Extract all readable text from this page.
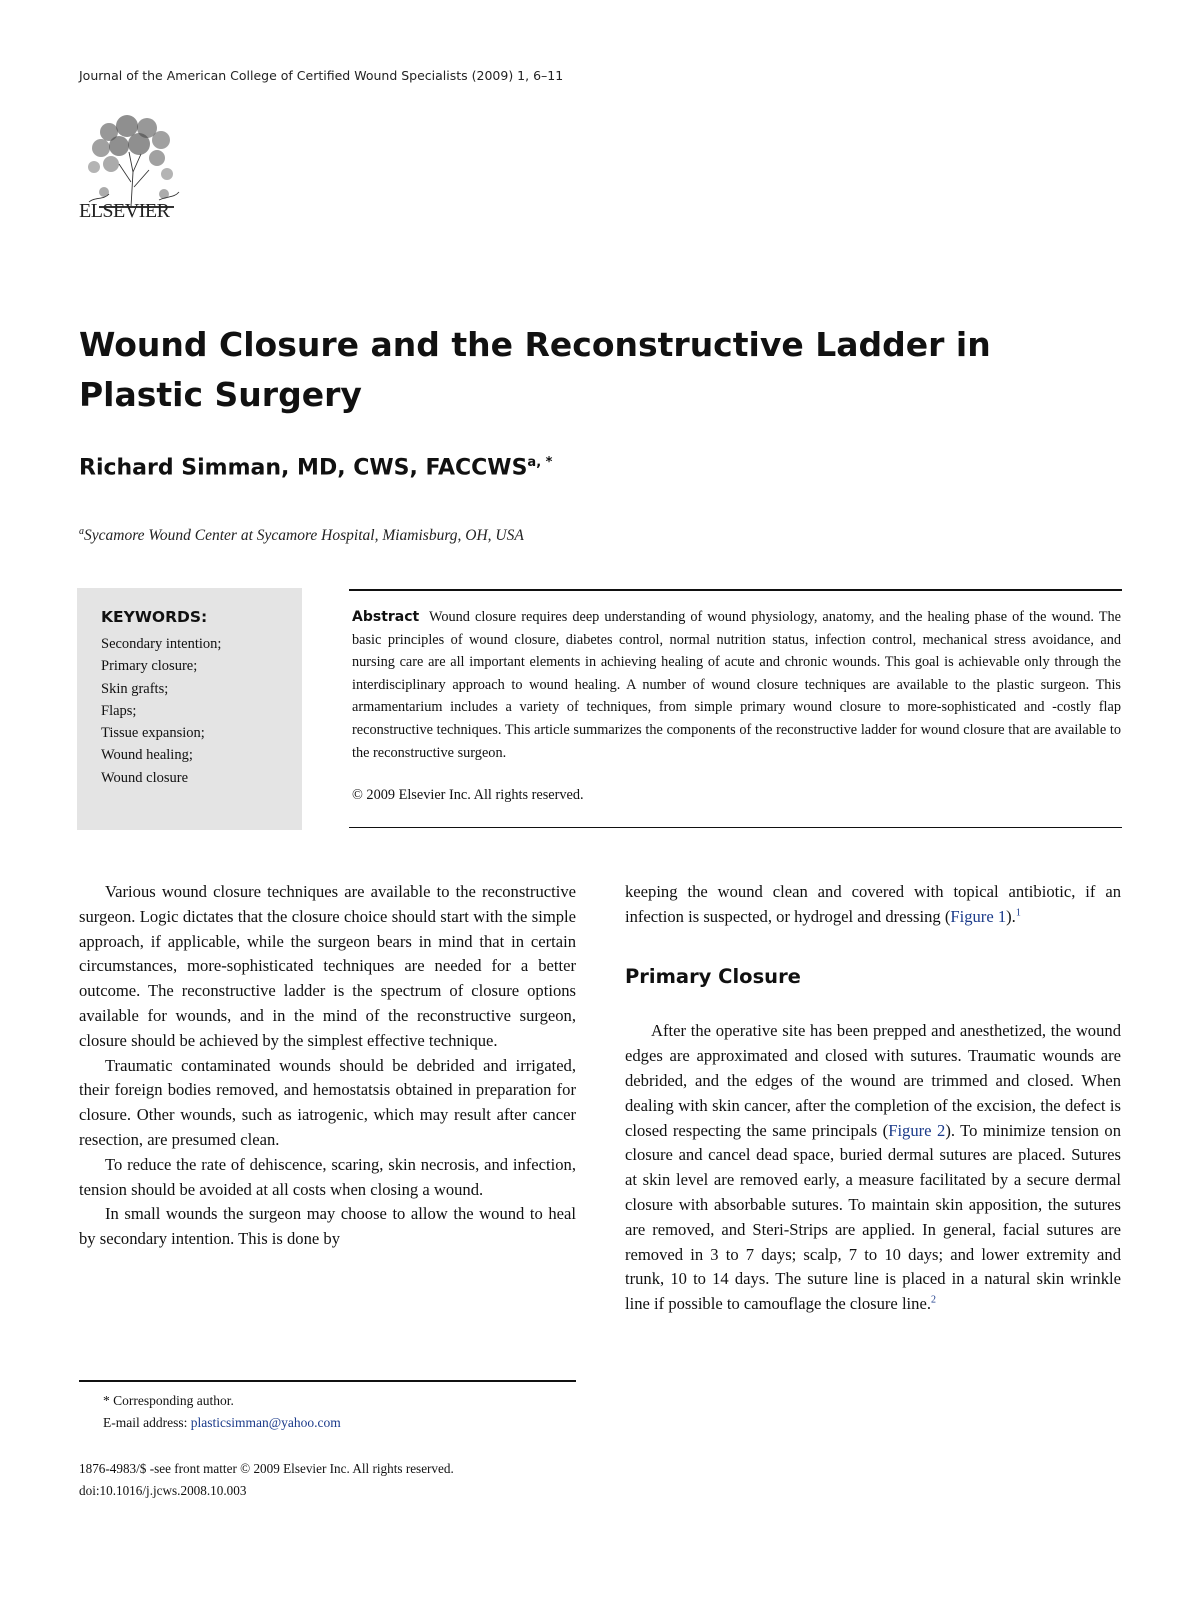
Journal of the American College of Certified Wound Specialists (2009) 1, 6–11
ELSEVIER
Wound Closure and the Reconstructive Ladder in Plastic Surgery
Richard Simman, MD, CWS, $FACCWS^{a, *}$
$^a$Sycamore Wound Center at Sycamore Hospital, Miamisburg, OH, USA
KEYWORDS:
Secondary intention;
Primary closure;
Skin grafts;
Flaps;
Tissue expansion;
Wound healing;
Wound closure
Abstract Wound closure requires deep understanding of wound physiology, anatomy, and the healing phase of the wound. The basic principles of wound closure, diabetes control, normal nutrition status, infection control, mechanical stress avoidance, and nursing care are all important elements in achieving healing of acute and chronic wounds. This goal is achievable only through the interdisciplinary approach to wound healing. A number of wound closure techniques are available to the plastic surgeon. This armamentarium includes a variety of techniques, from simple primary wound closure to more-sophisticated and -costly flap reconstructive techniques. This article summarizes the components of the reconstructive ladder for wound closure that are available to the reconstructive surgeon.
© 2009 Elsevier Inc. All rights reserved.

Various wound closure techniques are available to the reconstructive surgeon. Logic dictates that the closure choice should start with the simple approach, if applicable, while the surgeon bears in mind that in certain circumstances, more-sophisticated techniques are needed for a better outcome. The reconstructive ladder is the spectrum of closure options available for wounds, and in the mind of the reconstructive surgeon, closure should be achieved by the simplest effective technique.

Traumatic contaminated wounds should be debrided and irrigated, their foreign bodies removed, and hemostatsis obtained in preparation for closure. Other wounds, such as iatrogenic, which may result after cancer resection, are presumed clean.

To reduce the rate of dehiscence, scaring, skin necrosis, and infection, tension should be avoided at all costs when closing a wound.

In small wounds the surgeon may choose to allow the wound to heal by secondary intention. This is done by

keeping the wound clean and covered with topical antibiotic, if an infection is suspected, or hydrogel and dressing (Figure 1).$^1$

Primary Closure

After the operative site has been prepped and anesthetized, the wound edges are approximated and closed with sutures. Traumatic wounds are debrided, and the edges of the wound are trimmed and closed. When dealing with skin cancer, after the completion of the excision, the defect is closed respecting the same principals (Figure 2). To minimize tension on closure and cancel dead space, buried dermal sutures are placed. Sutures at skin level are removed early, a measure facilitated by a secure dermal closure with absorbable sutures. To maintain skin apposition, the sutures are removed, and Steri-Strips are applied. In general, facial sutures are removed in 3 to 7 days; scalp, 7 to 10 days; and lower extremity and trunk, 10 to 14 days. The suture line is placed in a natural skin wrinkle line if possible to camouflage the closure line.$^2$

* Corresponding author.
E-mail address: plasticsimman@yahoo.com
1876-4983/$ -see front matter © 2009 Elsevier Inc. All rights reserved.
doi:10.1016/j.jcws.2008.10.003
